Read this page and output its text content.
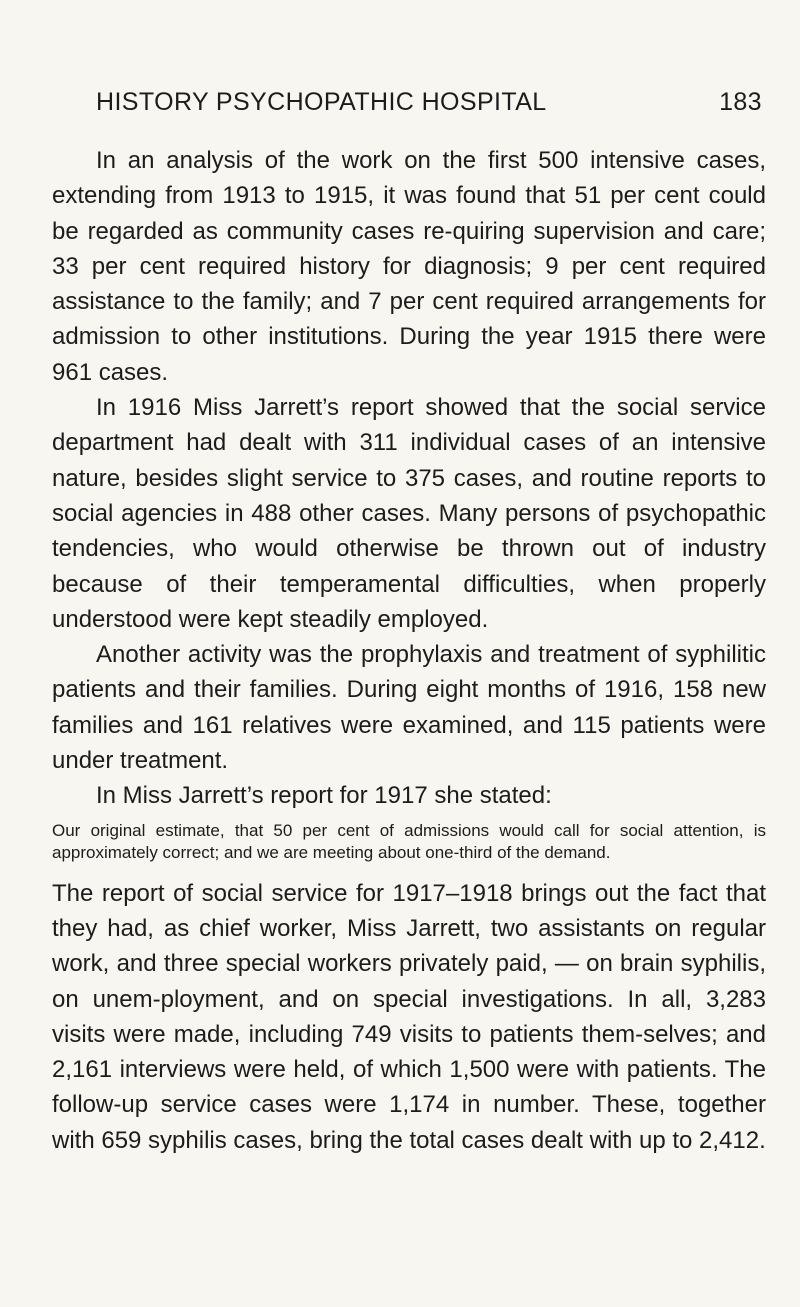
HISTORY PSYCHOPATHIC HOSPITAL	183

In an analysis of the work on the first 500 intensive cases, extending from 1913 to 1915, it was found that 51 per cent could be regarded as community cases re-quiring supervision and care; 33 per cent required history for diagnosis; 9 per cent required assistance to the family; and 7 per cent required arrangements for admission to other institutions. During the year 1915 there were 961 cases.

In 1916 Miss Jarrett’s report showed that the social service department had dealt with 311 individual cases of an intensive nature, besides slight service to 375 cases, and routine reports to social agencies in 488 other cases. Many persons of psychopathic tendencies, who would otherwise be thrown out of industry because of their temperamental difficulties, when properly understood were kept steadily employed.

Another activity was the prophylaxis and treatment of syphilitic patients and their families. During eight months of 1916, 158 new families and 161 relatives were examined, and 115 patients were under treatment.

In Miss Jarrett’s report for 1917 she stated:

Our original estimate, that 50 per cent of admissions would call for social attention, is approximately correct; and we are meeting about one-third of the demand.

The report of social service for 1917–1918 brings out the fact that they had, as chief worker, Miss Jarrett, two assistants on regular work, and three special workers privately paid, — on brain syphilis, on unem-ployment, and on special investigations. In all, 3,283 visits were made, including 749 visits to patients them-selves; and 2,161 interviews were held, of which 1,500 were with patients. The follow-up service cases were 1,174 in number. These, together with 659 syphilis cases, bring the total cases dealt with up to 2,412.
